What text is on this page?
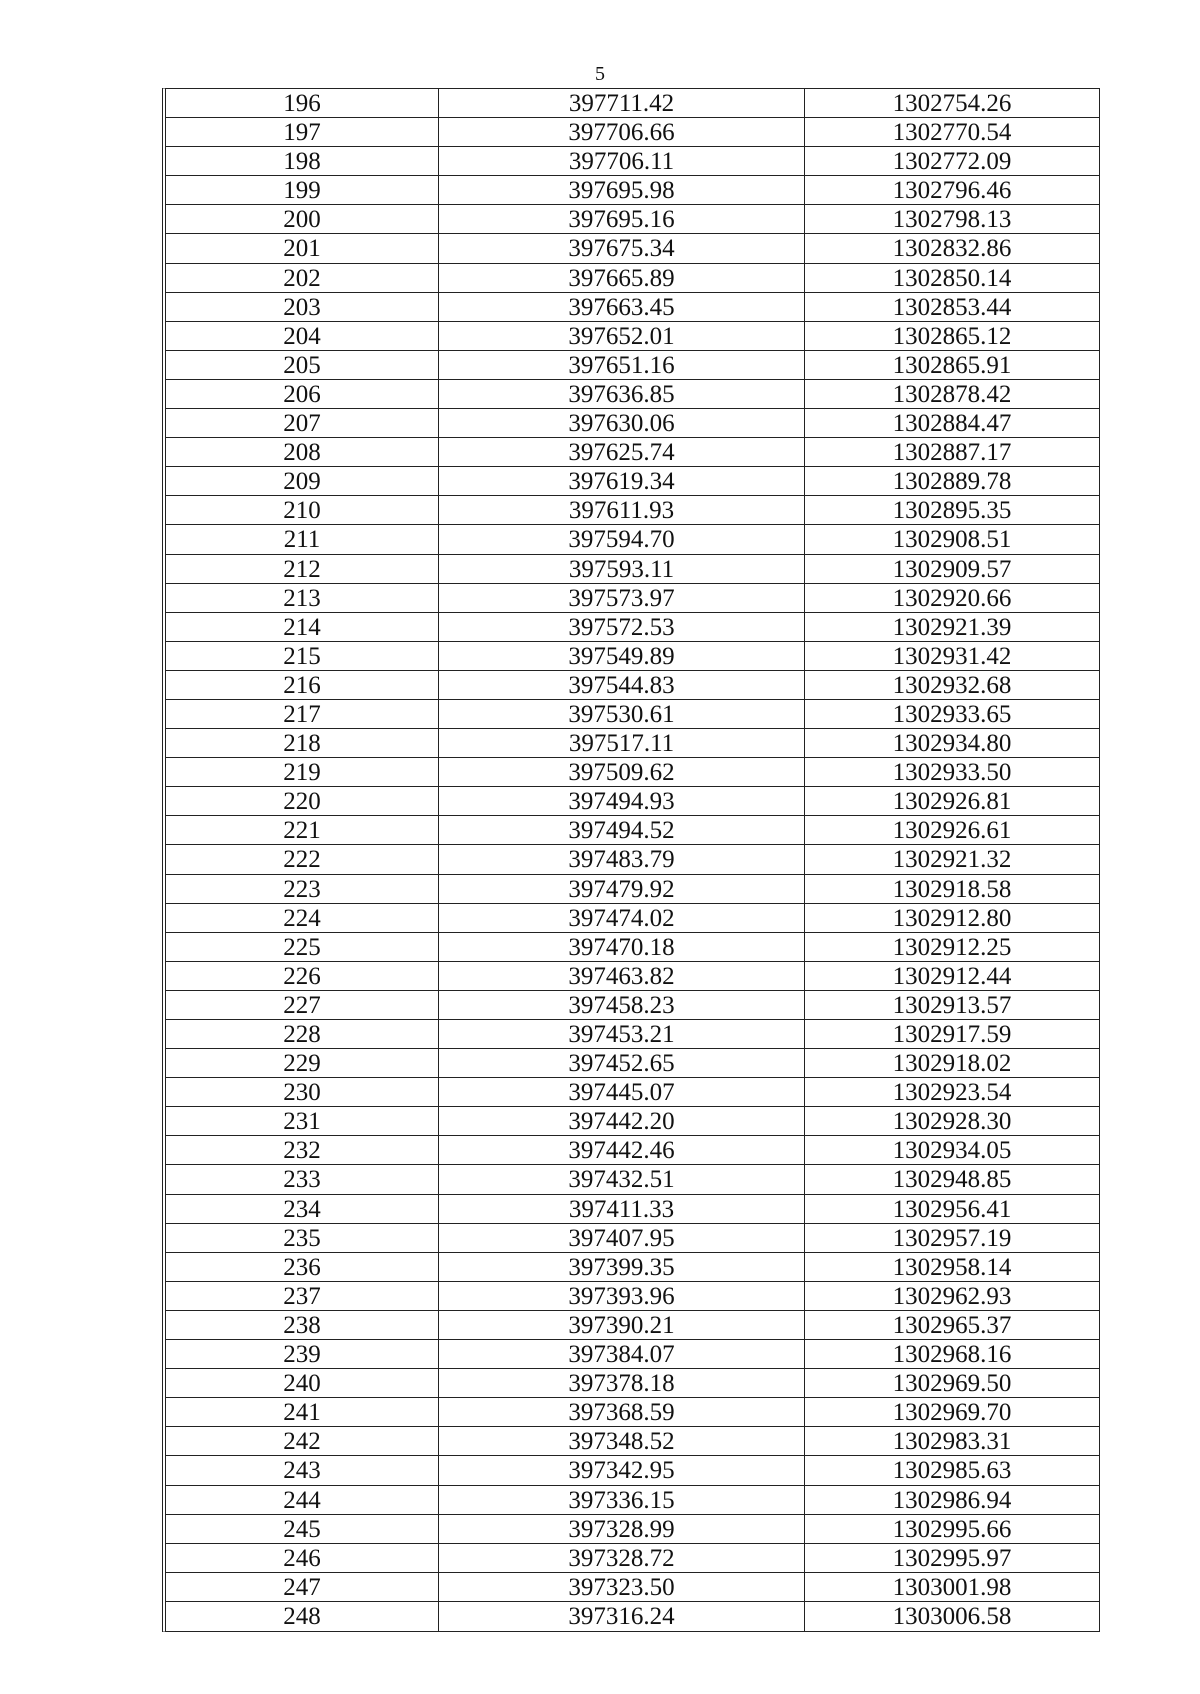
5
196	397711.42	1302754.26
197	397706.66	1302770.54
198	397706.11	1302772.09
199	397695.98	1302796.46
200	397695.16	1302798.13
201	397675.34	1302832.86
202	397665.89	1302850.14
203	397663.45	1302853.44
204	397652.01	1302865.12
205	397651.16	1302865.91
206	397636.85	1302878.42
207	397630.06	1302884.47
208	397625.74	1302887.17
209	397619.34	1302889.78
210	397611.93	1302895.35
211	397594.70	1302908.51
212	397593.11	1302909.57
213	397573.97	1302920.66
214	397572.53	1302921.39
215	397549.89	1302931.42
216	397544.83	1302932.68
217	397530.61	1302933.65
218	397517.11	1302934.80
219	397509.62	1302933.50
220	397494.93	1302926.81
221	397494.52	1302926.61
222	397483.79	1302921.32
223	397479.92	1302918.58
224	397474.02	1302912.80
225	397470.18	1302912.25
226	397463.82	1302912.44
227	397458.23	1302913.57
228	397453.21	1302917.59
229	397452.65	1302918.02
230	397445.07	1302923.54
231	397442.20	1302928.30
232	397442.46	1302934.05
233	397432.51	1302948.85
234	397411.33	1302956.41
235	397407.95	1302957.19
236	397399.35	1302958.14
237	397393.96	1302962.93
238	397390.21	1302965.37
239	397384.07	1302968.16
240	397378.18	1302969.50
241	397368.59	1302969.70
242	397348.52	1302983.31
243	397342.95	1302985.63
244	397336.15	1302986.94
245	397328.99	1302995.66
246	397328.72	1302995.97
247	397323.50	1303001.98
248	397316.24	1303006.58
